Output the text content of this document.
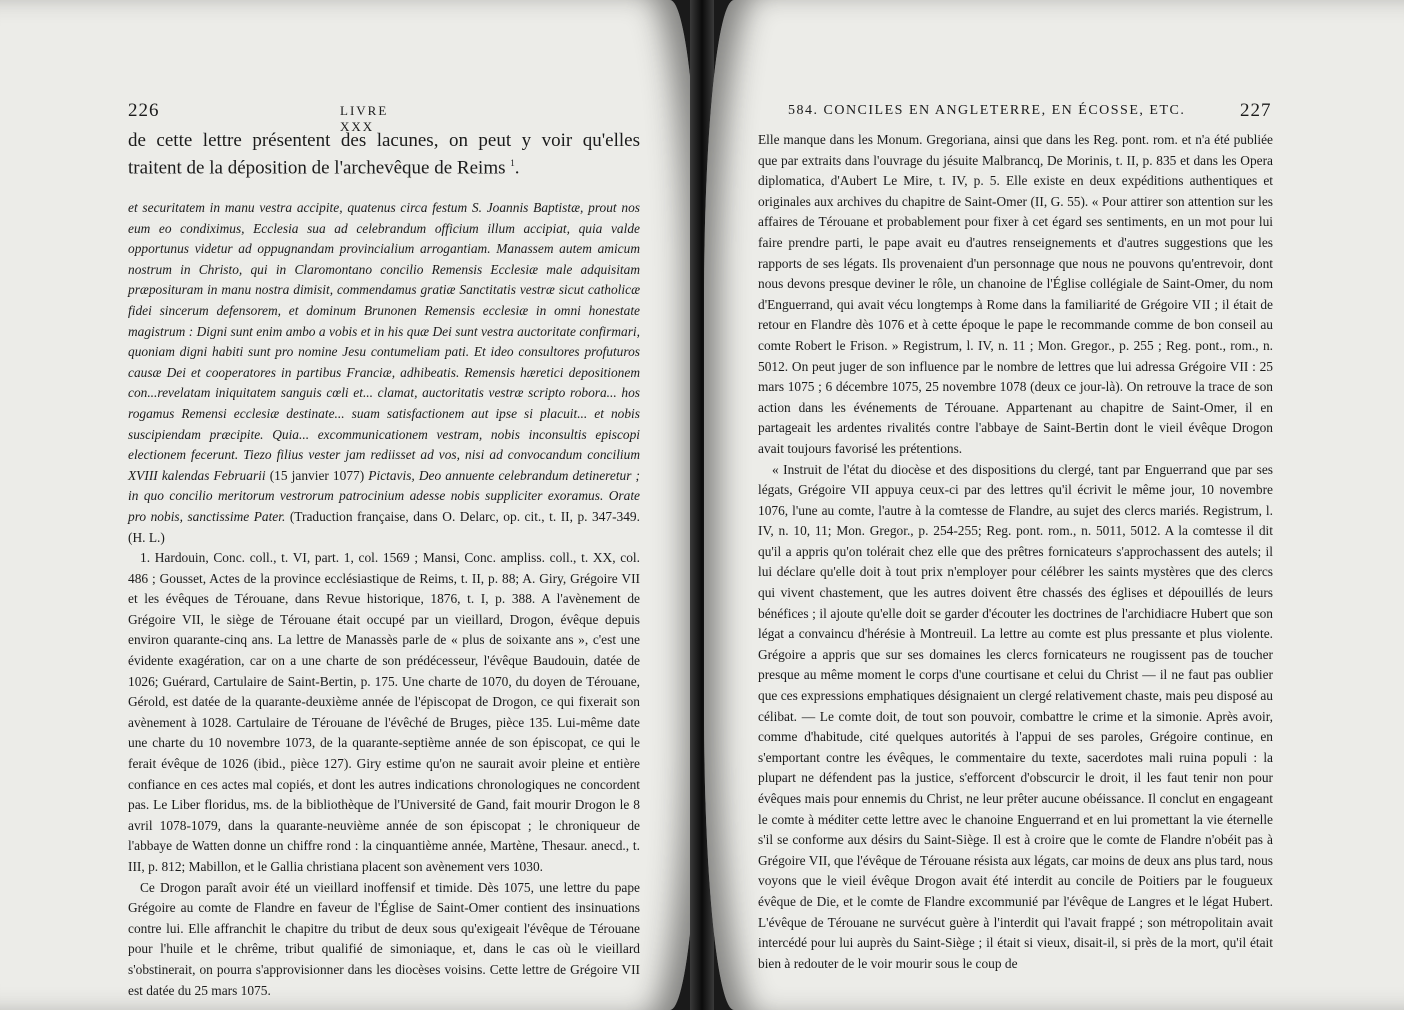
226	LIVRE XXX
de cette lettre présentent des lacunes, on peut y voir qu'elles traitent de la déposition de l'archevêque de Reims $^1$.

et securitatem in manu vestra accipite, quatenus circa festum S. Joannis Baptistæ, prout nos eum eo condiximus, Ecclesia sua ad celebrandum officium illum accipiat, quia valde opportunus videtur ad oppugnandam provincialium arrogantiam. Manassem autem amicum nostrum in Christo, qui in Claromontano concilio Remensis Ecclesiæ male adquisitam præposituram in manu nostra dimisit, commendamus gratiæ Sanctitatis vestræ sicut catholicæ fidei sincerum defensorem, et dominum Brunonen Remensis ecclesiæ in omni honestate magistrum : Digni sunt enim ambo a vobis et in his quæ Dei sunt vestra auctoritate confirmari, quoniam digni habiti sunt pro nomine Jesu contumeliam pati. Et ideo consultores profuturos causæ Dei et cooperatores in partibus Franciæ, adhibeatis. Remensis hæretici depositionem con...revelatam iniquitatem sanguis cœli et... clamat, auctoritatis vestræ scripto robora... hos rogamus Remensi ecclesiæ destinate... suam satisfactionem aut ipse si placuit... et nobis suscipiendam præcipite. Quia... excommunicationem vestram, nobis inconsultis episcopi electionem fecerunt. Tiezo filius vester jam rediisset ad vos, nisi ad convocandum concilium XVIII kalendas Februarii (15 janvier 1077) Pictavis, Deo annuente celebrandum detineretur ; in quo concilio meritorum vestrorum patrocinium adesse nobis suppliciter exoramus. Orate pro nobis, sanctissime Pater. (Traduction française, dans O. Delarc, op. cit., t. II, p. 347-349. (H. L.)

1. Hardouin, Conc. coll., t. VI, part. 1, col. 1569 ; Mansi, Conc. ampliss. coll., t. XX, col. 486 ; Gousset, Actes de la province ecclésiastique de Reims, t. II, p. 88; A. Giry, Grégoire VII et les évêques de Térouane, dans Revue historique, 1876, t. I, p. 388. A l'avènement de Grégoire VII, le siège de Térouane était occupé par un vieillard, Drogon, évêque depuis environ quarante-cinq ans. La lettre de Manassès parle de « plus de soixante ans », c'est une évidente exagération, car on a une charte de son prédécesseur, l'évêque Baudouin, datée de 1026; Guérard, Cartulaire de Saint-Bertin, p. 175. Une charte de 1070, du doyen de Térouane, Gérold, est datée de la quarante-deuxième année de l'épiscopat de Drogon, ce qui fixerait son avènement à 1028. Cartulaire de Térouane de l'évêché de Bruges, pièce 135. Lui-même date une charte du 10 novembre 1073, de la quarante-septième année de son épiscopat, ce qui le ferait évêque de 1026 (ibid., pièce 127). Giry estime qu'on ne saurait avoir pleine et entière confiance en ces actes mal copiés, et dont les autres indications chronologiques ne concordent pas. Le Liber floridus, ms. de la bibliothèque de l'Université de Gand, fait mourir Drogon le 8 avril 1078-1079, dans la quarante-neuvième année de son épiscopat ; le chroniqueur de l'abbaye de Watten donne un chiffre rond : la cinquantième année, Martène, Thesaur. anecd., t. III, p. 812; Mabillon, et le Gallia christiana placent son avènement vers 1030.

Ce Drogon paraît avoir été un vieillard inoffensif et timide. Dès 1075, une lettre du pape Grégoire au comte de Flandre en faveur de l'Église de Saint-Omer contient des insinuations contre lui. Elle affranchit le chapitre du tribut de deux sous qu'exigeait l'évêque de Térouane pour l'huile et le chrême, tribut qualifié de simoniaque, et, dans le cas où le vieillard s'obstinerait, on pourra s'approvisionner dans les diocèses voisins. Cette lettre de Grégoire VII est datée du 25 mars 1075.

584. CONCILES EN ANGLETERRE, EN ÉCOSSE, ETC.	227

Elle manque dans les Monum. Gregoriana, ainsi que dans les Reg. pont. rom. et n'a été publiée que par extraits dans l'ouvrage du jésuite Malbrancq, De Morinis, t. II, p. 835 et dans les Opera diplomatica, d'Aubert Le Mire, t. IV, p. 5. Elle existe en deux expéditions authentiques et originales aux archives du chapitre de Saint-Omer (II, G. 55). « Pour attirer son attention sur les affaires de Térouane et probablement pour fixer à cet égard ses sentiments, en un mot pour lui faire prendre parti, le pape avait eu d'autres renseignements et d'autres suggestions que les rapports de ses légats. Ils provenaient d'un personnage que nous ne pouvons qu'entrevoir, dont nous devons presque deviner le rôle, un chanoine de l'Église collégiale de Saint-Omer, du nom d'Enguerrand, qui avait vécu longtemps à Rome dans la familiarité de Grégoire VII ; il était de retour en Flandre dès 1076 et à cette époque le pape le recommande comme de bon conseil au comte Robert le Frison. » Registrum, l. IV, n. 11 ; Mon. Gregor., p. 255 ; Reg. pont., rom., n. 5012. On peut juger de son influence par le nombre de lettres que lui adressa Grégoire VII : 25 mars 1075 ; 6 décembre 1075, 25 novembre 1078 (deux ce jour-là). On retrouve la trace de son action dans les événements de Térouane. Appartenant au chapitre de Saint-Omer, il en partageait les ardentes rivalités contre l'abbaye de Saint-Bertin dont le vieil évêque Drogon avait toujours favorisé les prétentions.

« Instruit de l'état du diocèse et des dispositions du clergé, tant par Enguerrand que par ses légats, Grégoire VII appuya ceux-ci par des lettres qu'il écrivit le même jour, 10 novembre 1076, l'une au comte, l'autre à la comtesse de Flandre, au sujet des clercs mariés. Registrum, l. IV, n. 10, 11; Mon. Gregor., p. 254-255; Reg. pont. rom., n. 5011, 5012. A la comtesse il dit qu'il a appris qu'on tolérait chez elle que des prêtres fornicateurs s'approchassent des autels; il lui déclare qu'elle doit à tout prix n'employer pour célébrer les saints mystères que des clercs qui vivent chastement, que les autres doivent être chassés des églises et dépouillés de leurs bénéfices ; il ajoute qu'elle doit se garder d'écouter les doctrines de l'archidiacre Hubert que son légat a convaincu d'hérésie à Montreuil. La lettre au comte est plus pressante et plus violente. Grégoire a appris que sur ses domaines les clercs fornicateurs ne rougissent pas de toucher presque au même moment le corps d'une courtisane et celui du Christ — il ne faut pas oublier que ces expressions emphatiques désignaient un clergé relativement chaste, mais peu disposé au célibat. — Le comte doit, de tout son pouvoir, combattre le crime et la simonie. Après avoir, comme d'habitude, cité quelques autorités à l'appui de ses paroles, Grégoire continue, en s'emportant contre les évêques, le commentaire du texte, sacerdotes mali ruina populi : la plupart ne défendent pas la justice, s'efforcent d'obscurcir le droit, il les faut tenir non pour évêques mais pour ennemis du Christ, ne leur prêter aucune obéissance. Il conclut en engageant le comte à méditer cette lettre avec le chanoine Enguerrand et en lui promettant la vie éternelle s'il se conforme aux désirs du Saint-Siège. Il est à croire que le comte de Flandre n'obéit pas à Grégoire VII, que l'évêque de Térouane résista aux légats, car moins de deux ans plus tard, nous voyons que le vieil évêque Drogon avait été interdit au concile de Poitiers par le fougueux évêque de Die, et le comte de Flandre excommunié par l'évêque de Langres et le légat Hubert. L'évêque de Térouane ne survécut guère à l'interdit qui l'avait frappé ; son métropolitain avait intercédé pour lui auprès du Saint-Siège ; il était si vieux, disait-il, si près de la mort, qu'il était bien à redouter de le voir mourir sous le coup de
